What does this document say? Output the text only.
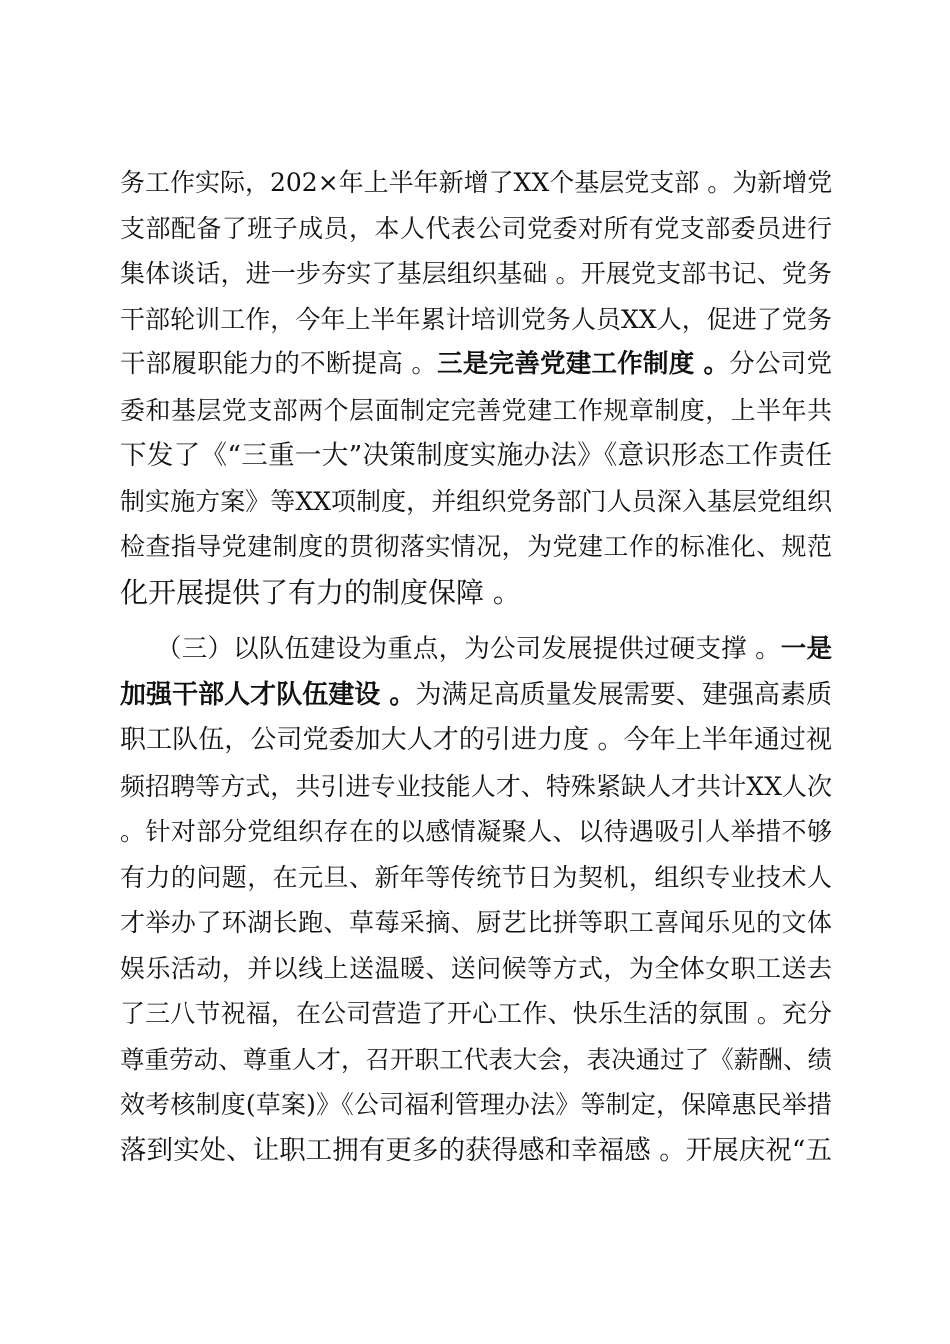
务工作实际，202×年上半年新增了XX个基层党支部 。为新增党
支部配备了班子成员，本人代表公司党委对所有党支部委员进行
集体谈话，进一步夯实了基层组织基础 。开展党支部书记、党务
干部轮训工作，今年上半年累计培训党务人员XX人，促进了党务
干部履职能力的不断提高 。三是完善党建工作制度 。分公司党
委和基层党支部两个层面制定完善党建工作规章制度，上半年共
下发了《“三重一大”决策制度实施办法》《意识形态工作责任
制实施方案》等XX项制度，并组织党务部门人员深入基层党组织
检查指导党建制度的贯彻落实情况，为党建工作的标准化、规范
化开展提供了有力的制度保障 。
（三）以队伍建设为重点，为公司发展提供过硬支撑 。一是
加强干部人才队伍建设 。为满足高质量发展需要、建强高素质
职工队伍，公司党委加大人才的引进力度 。今年上半年通过视
频招聘等方式，共引进专业技能人才、特殊紧缺人才共计XX人次
。针对部分党组织存在的以感情凝聚人、以待遇吸引人举措不够
有力的问题，在元旦、新年等传统节日为契机，组织专业技术人
才举办了环湖长跑、草莓采摘、厨艺比拼等职工喜闻乐见的文体
娱乐活动，并以线上送温暖、送问候等方式，为全体女职工送去
了三八节祝福，在公司营造了开心工作、快乐生活的氛围 。充分
尊重劳动、尊重人才，召开职工代表大会，表决通过了《薪酬、绩
效考核制度(草案)》《公司福利管理办法》等制定，保障惠民举措
落到实处、让职工拥有更多的获得感和幸福感 。开展庆祝“五
